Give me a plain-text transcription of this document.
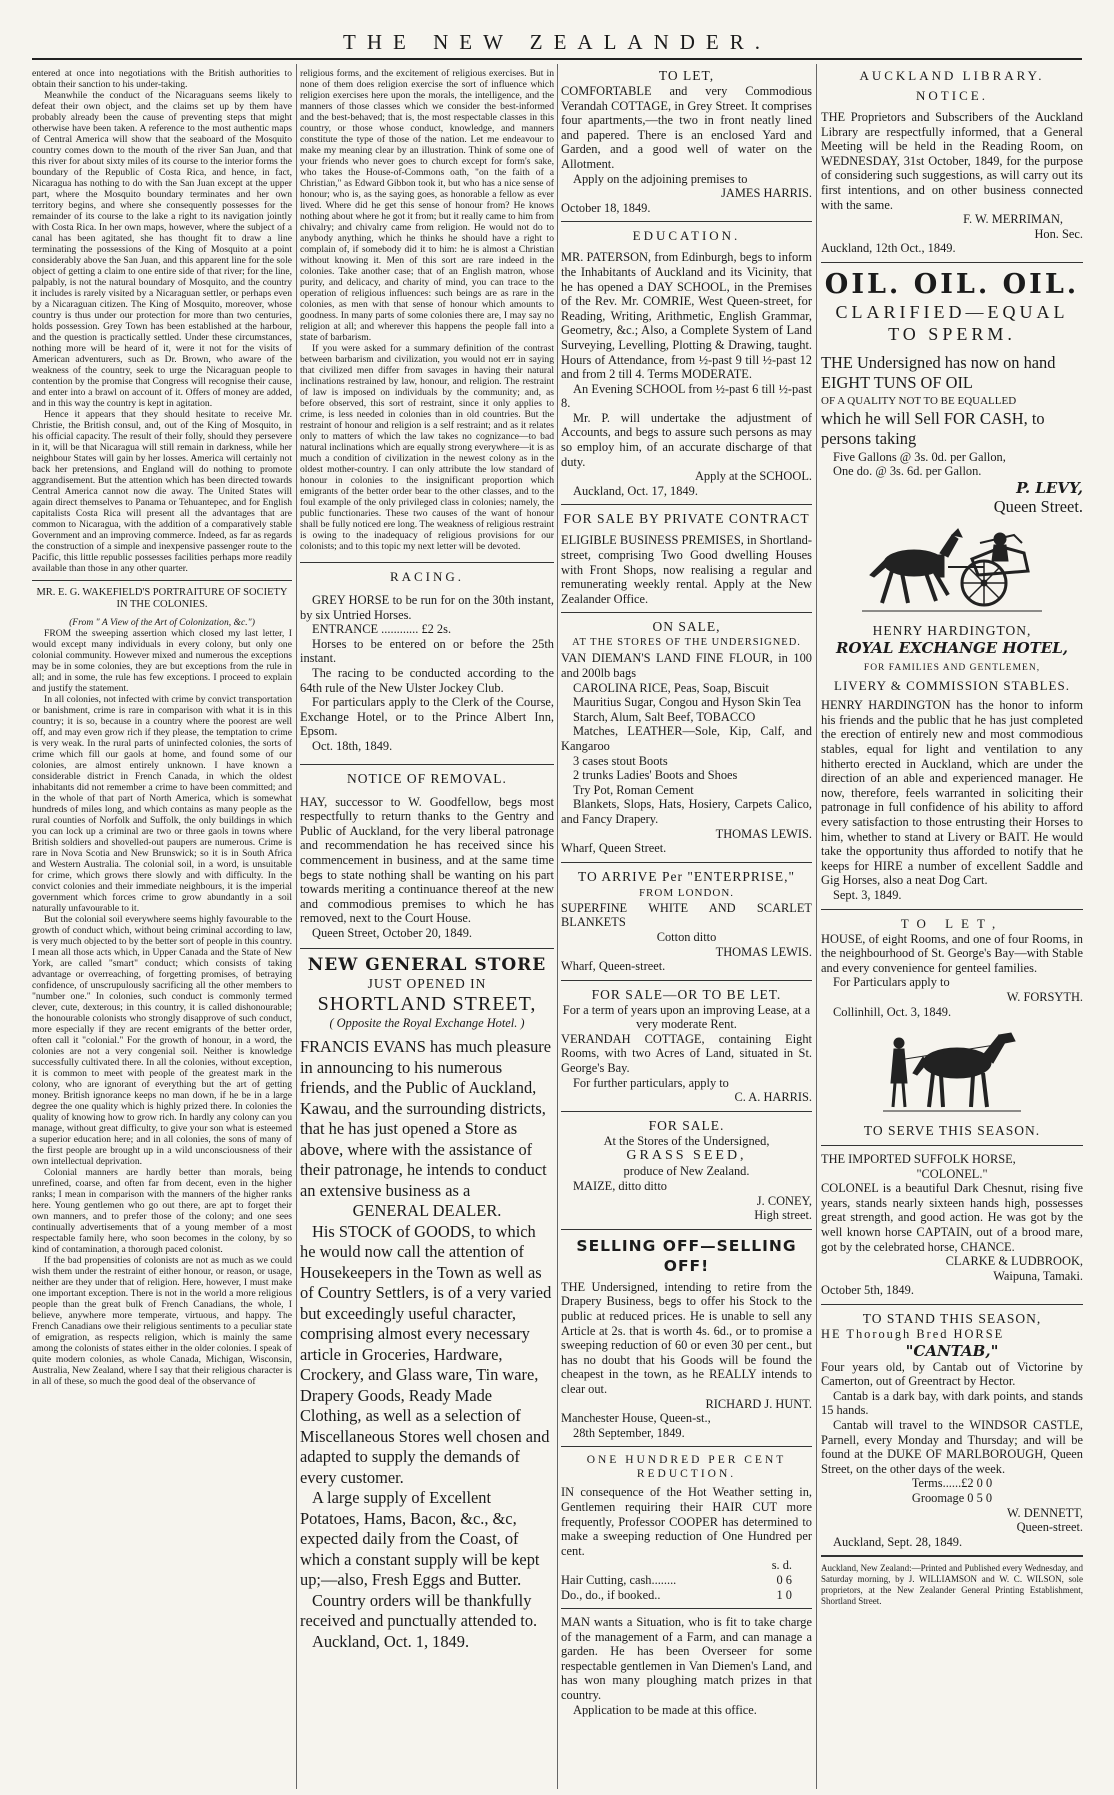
THE NEW ZEALANDER.

entered at once into negotiations with the British authorities to obtain their sanction to his under-taking.

Meanwhile the conduct of the Nicaraguans seems likely to defeat their own object, and the claims set up by them have probably already been the cause of preventing steps that might otherwise have been taken. A reference to the most authentic maps of Central America will show that the seaboard of the Mosquito country comes down to the mouth of the river San Juan, and that this river for about sixty miles of its course to the interior forms the boundary of the Republic of Costa Rica, and hence, in fact, Nicaragua has nothing to do with the San Juan except at the upper part, where the Mosquito boundary terminates and her own territory begins, and where she consequently possesses for the remainder of its course to the lake a right to its navigation jointly with Costa Rica. In her own maps, however, where the subject of a canal has been agitated, she has thought fit to draw a line terminating the possessions of the King of Mosquito at a point considerably above the San Juan, and this apparent line for the sole object of getting a claim to one entire side of that river; for the line, palpably, is not the natural boundary of Mosquito, and the country it includes is rarely visited by a Nicaraguan settler, or perhaps even by a Nicaraguan citizen. The King of Mosquito, moreover, whose country is thus under our protection for more than two centuries, holds possession. Grey Town has been established at the harbour, and the question is practically settled. Under these circumstances, nothing more will be heard of it, were it not for the visits of American adventurers, such as Dr. Brown, who aware of the weakness of the country, seek to urge the Nicaraguan people to contention by the promise that Congress will recognise their cause, and enter into a brawl on account of it. Offers of money are added, and in this way the country is kept in agitation.

Hence it appears that they should hesitate to receive Mr. Christie, the British consul, and, out of the King of Mosquito, in his official capacity. The result of their folly, should they persevere in it, will be that Nicaragua will still remain in darkness, while her neighbour States will gain by her losses. America will certainly not back her pretensions, and England will do nothing to promote aggrandisement. But the attention which has been directed towards Central America cannot now die away. The United States will again direct themselves to Panama or Tehuantepec, and for English capitalists Costa Rica will present all the advantages that are common to Nicaragua, with the addition of a comparatively stable Government and an improving commerce. Indeed, as far as regards the construction of a simple and inexpensive passenger route to the Pacific, this little republic possesses facilities perhaps more readily available than those in any other quarter.

MR. E. G. WAKEFIELD'S PORTRAITURE OF SOCIETY IN THE COLONIES.

(From " A View of the Art of Colonization, &c.")

FROM the sweeping assertion which closed my last letter, I would except many individuals in every colony, but only one colonial community. However mixed and numerous the exceptions may be in some colonies, they are but exceptions from the rule in all; and in some, the rule has few exceptions. I proceed to explain and justify the statement.

In all colonies, not infected with crime by convict transportation or banishment, crime is rare in comparison with what it is in this country; it is so, because in a country where the poorest are well off, and may even grow rich if they please, the temptation to crime is very weak. In the rural parts of uninfected colonies, the sorts of crime which fill our gaols at home, and found some of our colonies, are almost entirely unknown. I have known a considerable district in French Canada, in which the oldest inhabitants did not remember a crime to have been committed; and in the whole of that part of North America, which is somewhat hundreds of miles long, and which contains as many people as the rural counties of Norfolk and Suffolk, the only buildings in which you can lock up a criminal are two or three gaols in towns where British soldiers and shovelled-out paupers are numerous. Crime is rare in Nova Scotia and New Brunswick; so it is in South Africa and Western Australia. The colonial soil, in a word, is unsuitable for crime, which grows there slowly and with difficulty. In the convict colonies and their immediate neighbours, it is the imperial government which forces crime to grow abundantly in a soil naturally unfavourable to it.

But the colonial soil everywhere seems highly favourable to the growth of conduct which, without being criminal according to law, is very much objected to by the better sort of people in this country. I mean all those acts which, in Upper Canada and the State of New York, are called "smart" conduct; which consists of taking advantage or overreaching, of forgetting promises, of betraying confidence, of unscrupulously sacrificing all the other members to "number one." In colonies, such conduct is commonly termed clever, cute, dexterous; in this country, it is called dishonourable; the honourable colonists who strongly disapprove of such conduct, more especially if they are recent emigrants of the better order, often call it "colonial." For the growth of honour, in a word, the colonies are not a very congenial soil. Neither is knowledge successfully cultivated there. In all the colonies, without exception, it is common to meet with people of the greatest mark in the colony, who are ignorant of everything but the art of getting money. British ignorance keeps no man down, if he be in a large degree the one quality which is highly prized there. In colonies the quality of knowing how to grow rich. In hardly any colony can you manage, without great difficulty, to give your son what is esteemed a superior education here; and in all colonies, the sons of many of the first people are brought up in a wild unconsciousness of their own intellectual deprivation.

Colonial manners are hardly better than morals, being unrefined, coarse, and often far from decent, even in the higher ranks; I mean in comparison with the manners of the higher ranks here. Young gentlemen who go out there, are apt to forget their own manners, and to prefer those of the colony; and one sees continually advertisements that of a young member of a most respectable family here, who soon becomes in the colony, by so kind of contamination, a thorough paced colonist.

If the bad propensities of colonists are not as much as we could wish them under the restraint of either honour, or reason, or usage, neither are they under that of religion. Here, however, I must make one important exception. There is not in the world a more religious people than the great bulk of French Canadians, the whole, I believe, anywhere more temperate, virtuous, and happy. The French Canadians owe their religious sentiments to a peculiar state of emigration, as respects religion, which is mainly the same among the colonists of states either in the older colonies. I speak of quite modern colonies, as whole Canada, Michigan, Wisconsin, Australia, New Zealand, where I say that their religious character is in all of these, so much the good deal of the observance of

religious forms, and the excitement of religious exercises. But in none of them does religion exercise the sort of influence which religion exercises here upon the morals, the intelligence, and the manners of those classes which we consider the best-informed and the best-behaved; that is, the most respectable classes in this country, or those whose conduct, knowledge, and manners constitute the type of those of the nation. Let me endeavour to make my meaning clear by an illustration. Think of some one of your friends who never goes to church except for form's sake, who takes the House-of-Commons oath, "on the faith of a Christian," as Edward Gibbon took it, but who has a nice sense of honour; who is, as the saying goes, as honorable a fellow as ever lived. Where did he get this sense of honour from? He knows nothing about where he got it from; but it really came to him from chivalry; and chivalry came from religion. He would not do to anybody anything, which he thinks he should have a right to complain of, if somebody did it to him: he is almost a Christian without knowing it. Men of this sort are rare indeed in the colonies. Take another case; that of an English matron, whose purity, and delicacy, and charity of mind, you can trace to the operation of religious influences: such beings are as rare in the colonies, as men with that sense of honour which amounts to goodness. In many parts of some colonies there are, I may say no religion at all; and wherever this happens the people fall into a state of barbarism.

If you were asked for a summary definition of the contrast between barbarism and civilization, you would not err in saying that civilized men differ from savages in having their natural inclinations restrained by law, honour, and religion. The restraint of law is imposed on individuals by the community; and, as before observed, this sort of restraint, since it only applies to crime, is less needed in colonies than in old countries. But the restraint of honour and religion is a self restraint; and as it relates only to matters of which the law takes no cognizance—to bad natural inclinations which are equally strong everywhere—it is as much a condition of civilization in the newest colony as in the oldest mother-country. I can only attribute the low standard of honour in colonies to the insignificant proportion which emigrants of the better order bear to the other classes, and to the foul example of the only privileged class in colonies; namely, the public functionaries. These two causes of the want of honour shall be fully noticed ere long. The weakness of religious restraint is owing to the inadequacy of religious provisions for our colonists; and to this topic my next letter will be devoted.

RACING.

GREY HORSE to be run for on the 30th instant, by six Untried Horses.

ENTRANCE ............ £2 2s.

Horses to be entered on or before the 25th instant.

The racing to be conducted according to the 64th rule of the New Ulster Jockey Club.

For particulars apply to the Clerk of the Course, Exchange Hotel, or to the Prince Albert Inn, Epsom.

Oct. 18th, 1849.

NOTICE OF REMOVAL.

HAY, successor to W. Goodfellow, begs most respectfully to return thanks to the Gentry and Public of Auckland, for the very liberal patronage and recommendation he has received since his commencement in business, and at the same time begs to state nothing shall be wanting on his part towards meriting a continuance thereof at the new and commodious premises to which he has removed, next to the Court House.

Queen Street, October 20, 1849.

NEW GENERAL STORE
JUST OPENED IN
SHORTLAND STREET,

( Opposite the Royal Exchange Hotel. )

FRANCIS EVANS has much pleasure in announcing to his numerous friends, and the Public of Auckland, Kawau, and the surrounding districts, that he has just opened a Store as above, where with the assistance of their patronage, he intends to conduct an extensive business as a

GENERAL DEALER.

His STOCK of GOODS, to which he would now call the attention of Housekeepers in the Town as well as of Country Settlers, is of a very varied but exceedingly useful character, comprising almost every necessary article in Groceries, Hardware, Crockery, and Glass ware, Tin ware, Drapery Goods, Ready Made Clothing, as well as a selection of Miscellaneous Stores well chosen and adapted to supply the demands of every customer.

A large supply of Excellent Potatoes, Hams, Bacon, &c., &c, expected daily from the Coast, of which a constant supply will be kept up;—also, Fresh Eggs and Butter.

Country orders will be thankfully received and punctually attended to.

Auckland, Oct. 1, 1849.

TO LET,

COMFORTABLE and very Commodious Verandah COTTAGE, in Grey Street. It comprises four apartments,—the two in front neatly lined and papered. There is an enclosed Yard and Garden, and a good well of water on the Allotment.

Apply on the adjoining premises to

JAMES HARRIS.

October 18, 1849.

EDUCATION.

MR. PATERSON, from Edinburgh, begs to inform the Inhabitants of Auckland and its Vicinity, that he has opened a DAY SCHOOL, in the Premises of the Rev. Mr. COMRIE, West Queen-street, for Reading, Writing, Arithmetic, English Grammar, Geometry, &c.; Also, a Complete System of Land Surveying, Levelling, Plotting & Drawing, taught. Hours of Attendance, from ½-past 9 till ½-past 12 and from 2 till 4. Terms MODERATE.

An Evening SCHOOL from ½-past 6 till ½-past 8.

Mr. P. will undertake the adjustment of Accounts, and begs to assure such persons as may so employ him, of an accurate discharge of that duty.

Apply at the SCHOOL.

Auckland, Oct. 17, 1849.

FOR SALE BY PRIVATE CONTRACT

ELIGIBLE BUSINESS PREMISES, in Shortland-street, comprising Two Good dwelling Houses with Front Shops, now realising a regular and remunerating weekly rental. Apply at the New Zealander Office.

ON SALE,
AT THE STORES OF THE UNDERSIGNED.

VAN DIEMAN'S LAND FINE FLOUR, in 100 and 200lb bags

CAROLINA RICE, Peas, Soap, Biscuit

Mauritius Sugar, Congou and Hyson Skin Tea

Starch, Alum, Salt Beef, TOBACCO

Matches, LEATHER—Sole, Kip, Calf, and Kangaroo

3 cases stout Boots

2 trunks Ladies' Boots and Shoes

Try Pot, Roman Cement

Blankets, Slops, Hats, Hosiery, Carpets Calico, and Fancy Drapery.

THOMAS LEWIS.

Wharf, Queen Street.

TO ARRIVE Per "ENTERPRISE,"
FROM LONDON.

SUPERFINE WHITE AND SCARLET BLANKETS

Cotton ditto

THOMAS LEWIS.

Wharf, Queen-street.

FOR SALE—OR TO BE LET.

For a term of years upon an improving Lease, at a very moderate Rent.

VERANDAH COTTAGE, containing Eight Rooms, with two Acres of Land, situated in St. George's Bay.

For further particulars, apply to

C. A. HARRIS.

FOR SALE.

At the Stores of the Undersigned,

GRASS SEED,

produce of New Zealand.

MAIZE, ditto ditto

J. CONEY,

High street.

SELLING OFF—SELLING OFF!

THE Undersigned, intending to retire from the Drapery Business, begs to offer his Stock to the public at reduced prices. He is unable to sell any Article at 2s. that is worth 4s. 6d., or to promise a sweeping reduction of 60 or even 30 per cent., but has no doubt that his Goods will be found the cheapest in the town, as he REALLY intends to clear out.

RICHARD J. HUNT.

Manchester House, Queen-st.,

28th September, 1849.

ONE HUNDRED PER CENT REDUCTION.

IN consequence of the Hot Weather setting in, Gentlemen requiring their HAIR CUT more frequently, Professor COOPER has determined to make a sweeping reduction of One Hundred per cent.

s. d.

Hair Cutting, cash........	0 6
Do., do., if booked..	1 0

MAN wants a Situation, who is fit to take charge of the management of a Farm, and can manage a garden. He has been Overseer for some respectable gentlemen in Van Diemen's Land, and has won many ploughing match prizes in that country.

Application to be made at this office.

AUCKLAND LIBRARY.
NOTICE.

THE Proprietors and Subscribers of the Auckland Library are respectfully informed, that a General Meeting will be held in the Reading Room, on WEDNESDAY, 31st October, 1849, for the purpose of considering such suggestions, as will carry out its first intentions, and on other business connected with the same.

F. W. MERRIMAN,

Hon. Sec.

Auckland, 12th Oct., 1849.

OIL. OIL. OIL.
CLARIFIED—EQUAL TO SPERM.

THE Undersigned has now on hand EIGHT TUNS OF OIL

OF A QUALITY NOT TO BE EQUALLED

which he will Sell FOR CASH, to persons taking

Five Gallons @ 3s. 0d. per Gallon,

One do. @ 3s. 6d. per Gallon.

P. LEVY,
Queen Street.
HENRY HARDINGTON,
ROYAL EXCHANGE HOTEL,
FOR FAMILIES AND GENTLEMEN,
LIVERY & COMMISSION STABLES.

HENRY HARDINGTON has the honor to inform his friends and the public that he has just completed the erection of entirely new and most commodious stables, equal for light and ventilation to any hitherto erected in Auckland, which are under the direction of an able and experienced manager. He now, therefore, feels warranted in soliciting their patronage in full confidence of his ability to afford every satisfaction to those entrusting their Horses to him, whether to stand at Livery or BAIT. He would take the opportunity thus afforded to notify that he keeps for HIRE a number of excellent Saddle and Gig Horses, also a neat Dog Cart.

Sept. 3, 1849.

TO LET,

HOUSE, of eight Rooms, and one of four Rooms, in the neighbourhood of St. George's Bay—with Stable and every convenience for genteel families.

For Particulars apply to

W. FORSYTH.

Collinhill, Oct. 3, 1849.

TO SERVE THIS SEASON.

THE IMPORTED SUFFOLK HORSE,

"COLONEL."

COLONEL is a beautiful Dark Chesnut, rising five years, stands nearly sixteen hands high, possesses great strength, and good action. He was got by the well known horse CAPTAIN, out of a brood mare, got by the celebrated horse, CHANCE.

CLARKE & LUDBROOK,

Waipuna, Tamaki.

October 5th, 1849.

TO STAND THIS SEASON,

HE Thorough Bred HORSE

"CANTAB,"

Four years old, by Cantab out of Victorine by Camerton, out of Greentract by Hector.

Cantab is a dark bay, with dark points, and stands 15 hands.

Cantab will travel to the WINDSOR CASTLE, Parnell, every Monday and Thursday; and will be found at the DUKE OF MARLBOROUGH, Queen Street, on the other days of the week.

Terms......£2 0 0

Groomage 0 5 0

W. DENNETT,

Queen-street.

Auckland, Sept. 28, 1849.

Auckland, New Zealand:—Printed and Published every Wednesday, and Saturday morning, by J. WILLIAMSON and W. C. WILSON, sole proprietors, at the New Zealander General Printing Establishment, Shortland Street.
